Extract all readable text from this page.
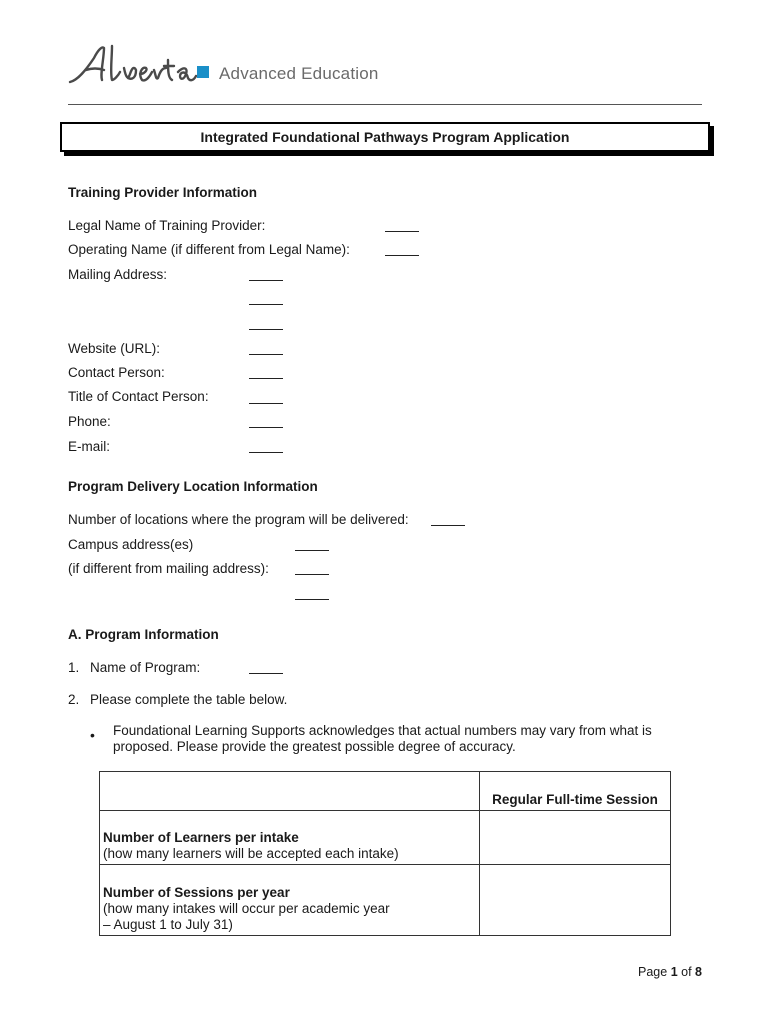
Advanced Education
Integrated Foundational Pathways Program Application
Training Provider Information
Legal Name of Training Provider:
Operating Name (if different from Legal Name):
Mailing Address:
Website (URL):
Contact Person:
Title of Contact Person:
Phone:
E-mail:
Program Delivery Location Information
Number of locations where the program will be delivered:
Campus address(es)
(if different from mailing address):
A. Program Information
1. Name of Program:
2. Please complete the table below.
• Foundational Learning Supports acknowledges that actual numbers may vary from what is proposed. Please provide the greatest possible degree of accuracy.
	Regular Full-time Session
Number of Learners per intake
(how many learners will be accepted each intake)	
Number of Sessions per year
(how many intakes will occur per academic year
– August 1 to July 31)	
Page 1 of 8
